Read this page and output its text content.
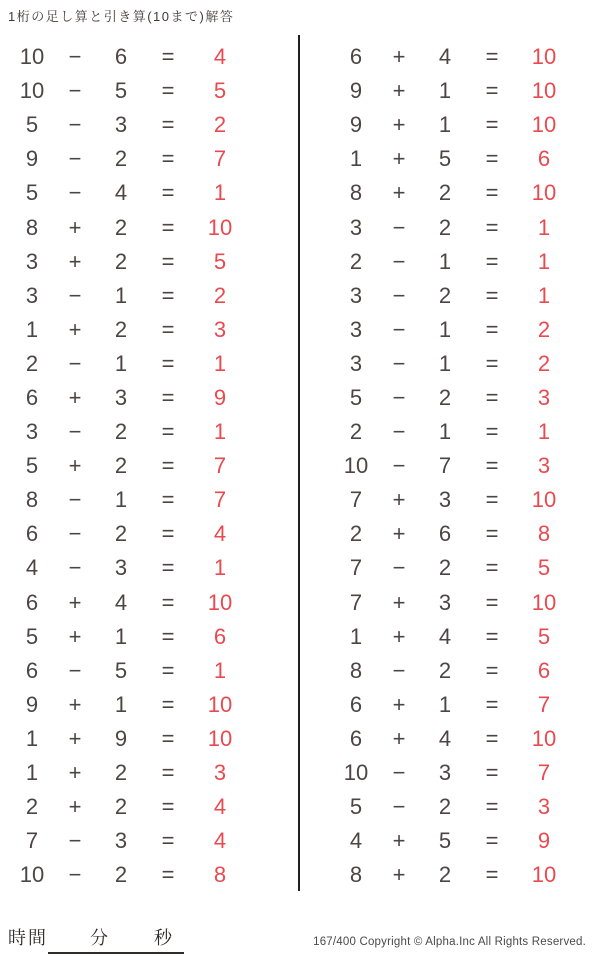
1桁の足し算と引き算(10まで)解答
10	−	6	=	4
10	−	5	=	5
5	−	3	=	2
9	−	2	=	7
5	−	4	=	1
8	+	2	=	10
3	+	2	=	5
3	−	1	=	2
1	+	2	=	3
2	−	1	=	1
6	+	3	=	9
3	−	2	=	1
5	+	2	=	7
8	−	1	=	7
6	−	2	=	4
4	−	3	=	1
6	+	4	=	10
5	+	1	=	6
6	−	5	=	1
9	+	1	=	10
1	+	9	=	10
1	+	2	=	3
2	+	2	=	4
7	−	3	=	4
10	−	2	=	8
6	+	4	=	10
9	+	1	=	10
9	+	1	=	10
1	+	5	=	6
8	+	2	=	10
3	−	2	=	1
2	−	1	=	1
3	−	2	=	1
3	−	1	=	2
3	−	1	=	2
5	−	2	=	3
2	−	1	=	1
10	−	7	=	3
7	+	3	=	10
2	+	6	=	8
7	−	2	=	5
7	+	3	=	10
1	+	4	=	5
8	−	2	=	6
6	+	1	=	7
6	+	4	=	10
10	−	3	=	7
5	−	2	=	3
4	+	5	=	9
8	+	2	=	10
時間 分 秒	167/400 Copyright © Alpha.Inc All Rights Reserved.
